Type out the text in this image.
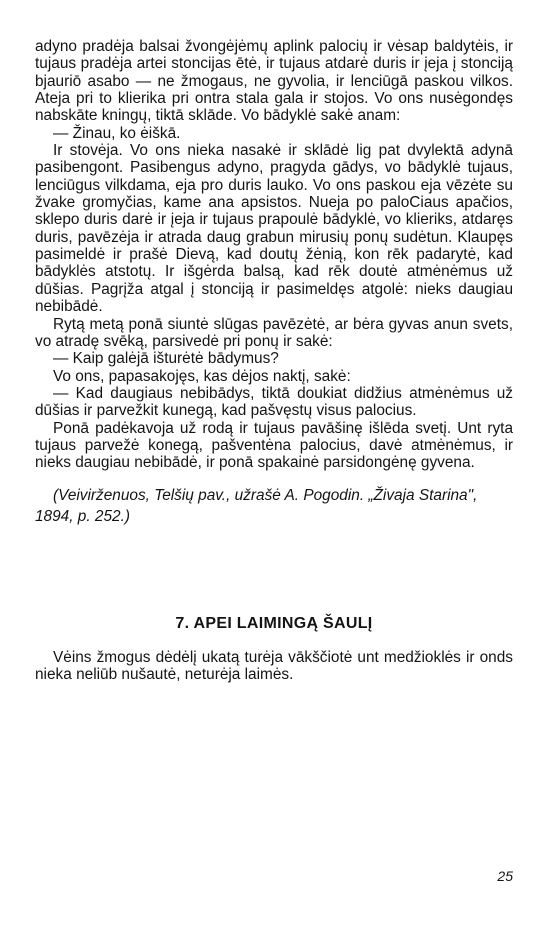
adyno pradėja balsai žvongėjėmų aplink palocių ir vėsap baldytėis, ir tujaus pradėja artei stoncijas ētė, ir tujaus atdarė duris ir įeja į stonciją bjauriō asabo — ne žmogaus, ne gyvolia, ir lenciūgā paskou vilkos. Ateja pri to klierika pri ontra stala gala ir stojos. Vo ons nusėgondęs nabskāte kningų, tiktā sklāde. Vo bādyklė sakė anam:

— Žinau, ko ėiškā.

Ir stovėja. Vo ons nieka nasakė ir sklādė lig pat dvylektā adynā pasibengont. Pasibengus adyno, pragyda gādys, vo bādyklė tujaus, lenciūgus vilkdama, eja pro duris lauko. Vo ons paskou eja vēzėte su žvake gromyčias, kame ana apsistos. Nueja po paloCiaus apačios, sklepo duris darė ir įeja ir tujaus prapoulė bādyklė, vo klieriks, atdaręs duris, pavēzėja ir atrada daug grabun mirusių ponų sudėtun. Klaupęs pasimeldė ir prašė Dievą, kad doutų žėnią, kon rēk padarytė, kad bādyklės atstotų. Ir išgėrda balsą, kad rēk doutė atmėnėmus už dūšias. Pagrįža atgal į stonciją ir pasimeldęs atgolė: nieks daugiau nebibādė.

Rytą metą ponā siuntė slūgas pavēzėtė, ar bėra gyvas anun svets, vo atradę svēką, parsivedė pri ponų ir sakė:

— Kaip galėjā išturėtė bādymus?

Vo ons, papasakojęs, kas dėjos naktį, sakė:

— Kad daugiaus nebibādys, tiktā doukiat didžius atmėnėmus už dūšias ir parvežkit kunegą, kad pašvęstų visus palocius.

Ponā padėkavoja už rodą ir tujaus pavāšinę išlēda svetį. Unt ryta tujaus parvežė konegą, pašventėna palocius, davė atmėnėmus, ir nieks daugiau nebibādė, ir ponā spakainė parsidongėnę gyvena.

(Veivirženuos, Telšių pav., užrašė A. Pogodin. „Živaja Starina", 1894, p. 252.)

7. APEI LAIMINGĄ ŠAULĮ

Vėins žmogus dėdėlį ukatą turėja vākščiotė unt medžioklės ir onds nieka neliūb nušautė, neturėja laimės.

25
